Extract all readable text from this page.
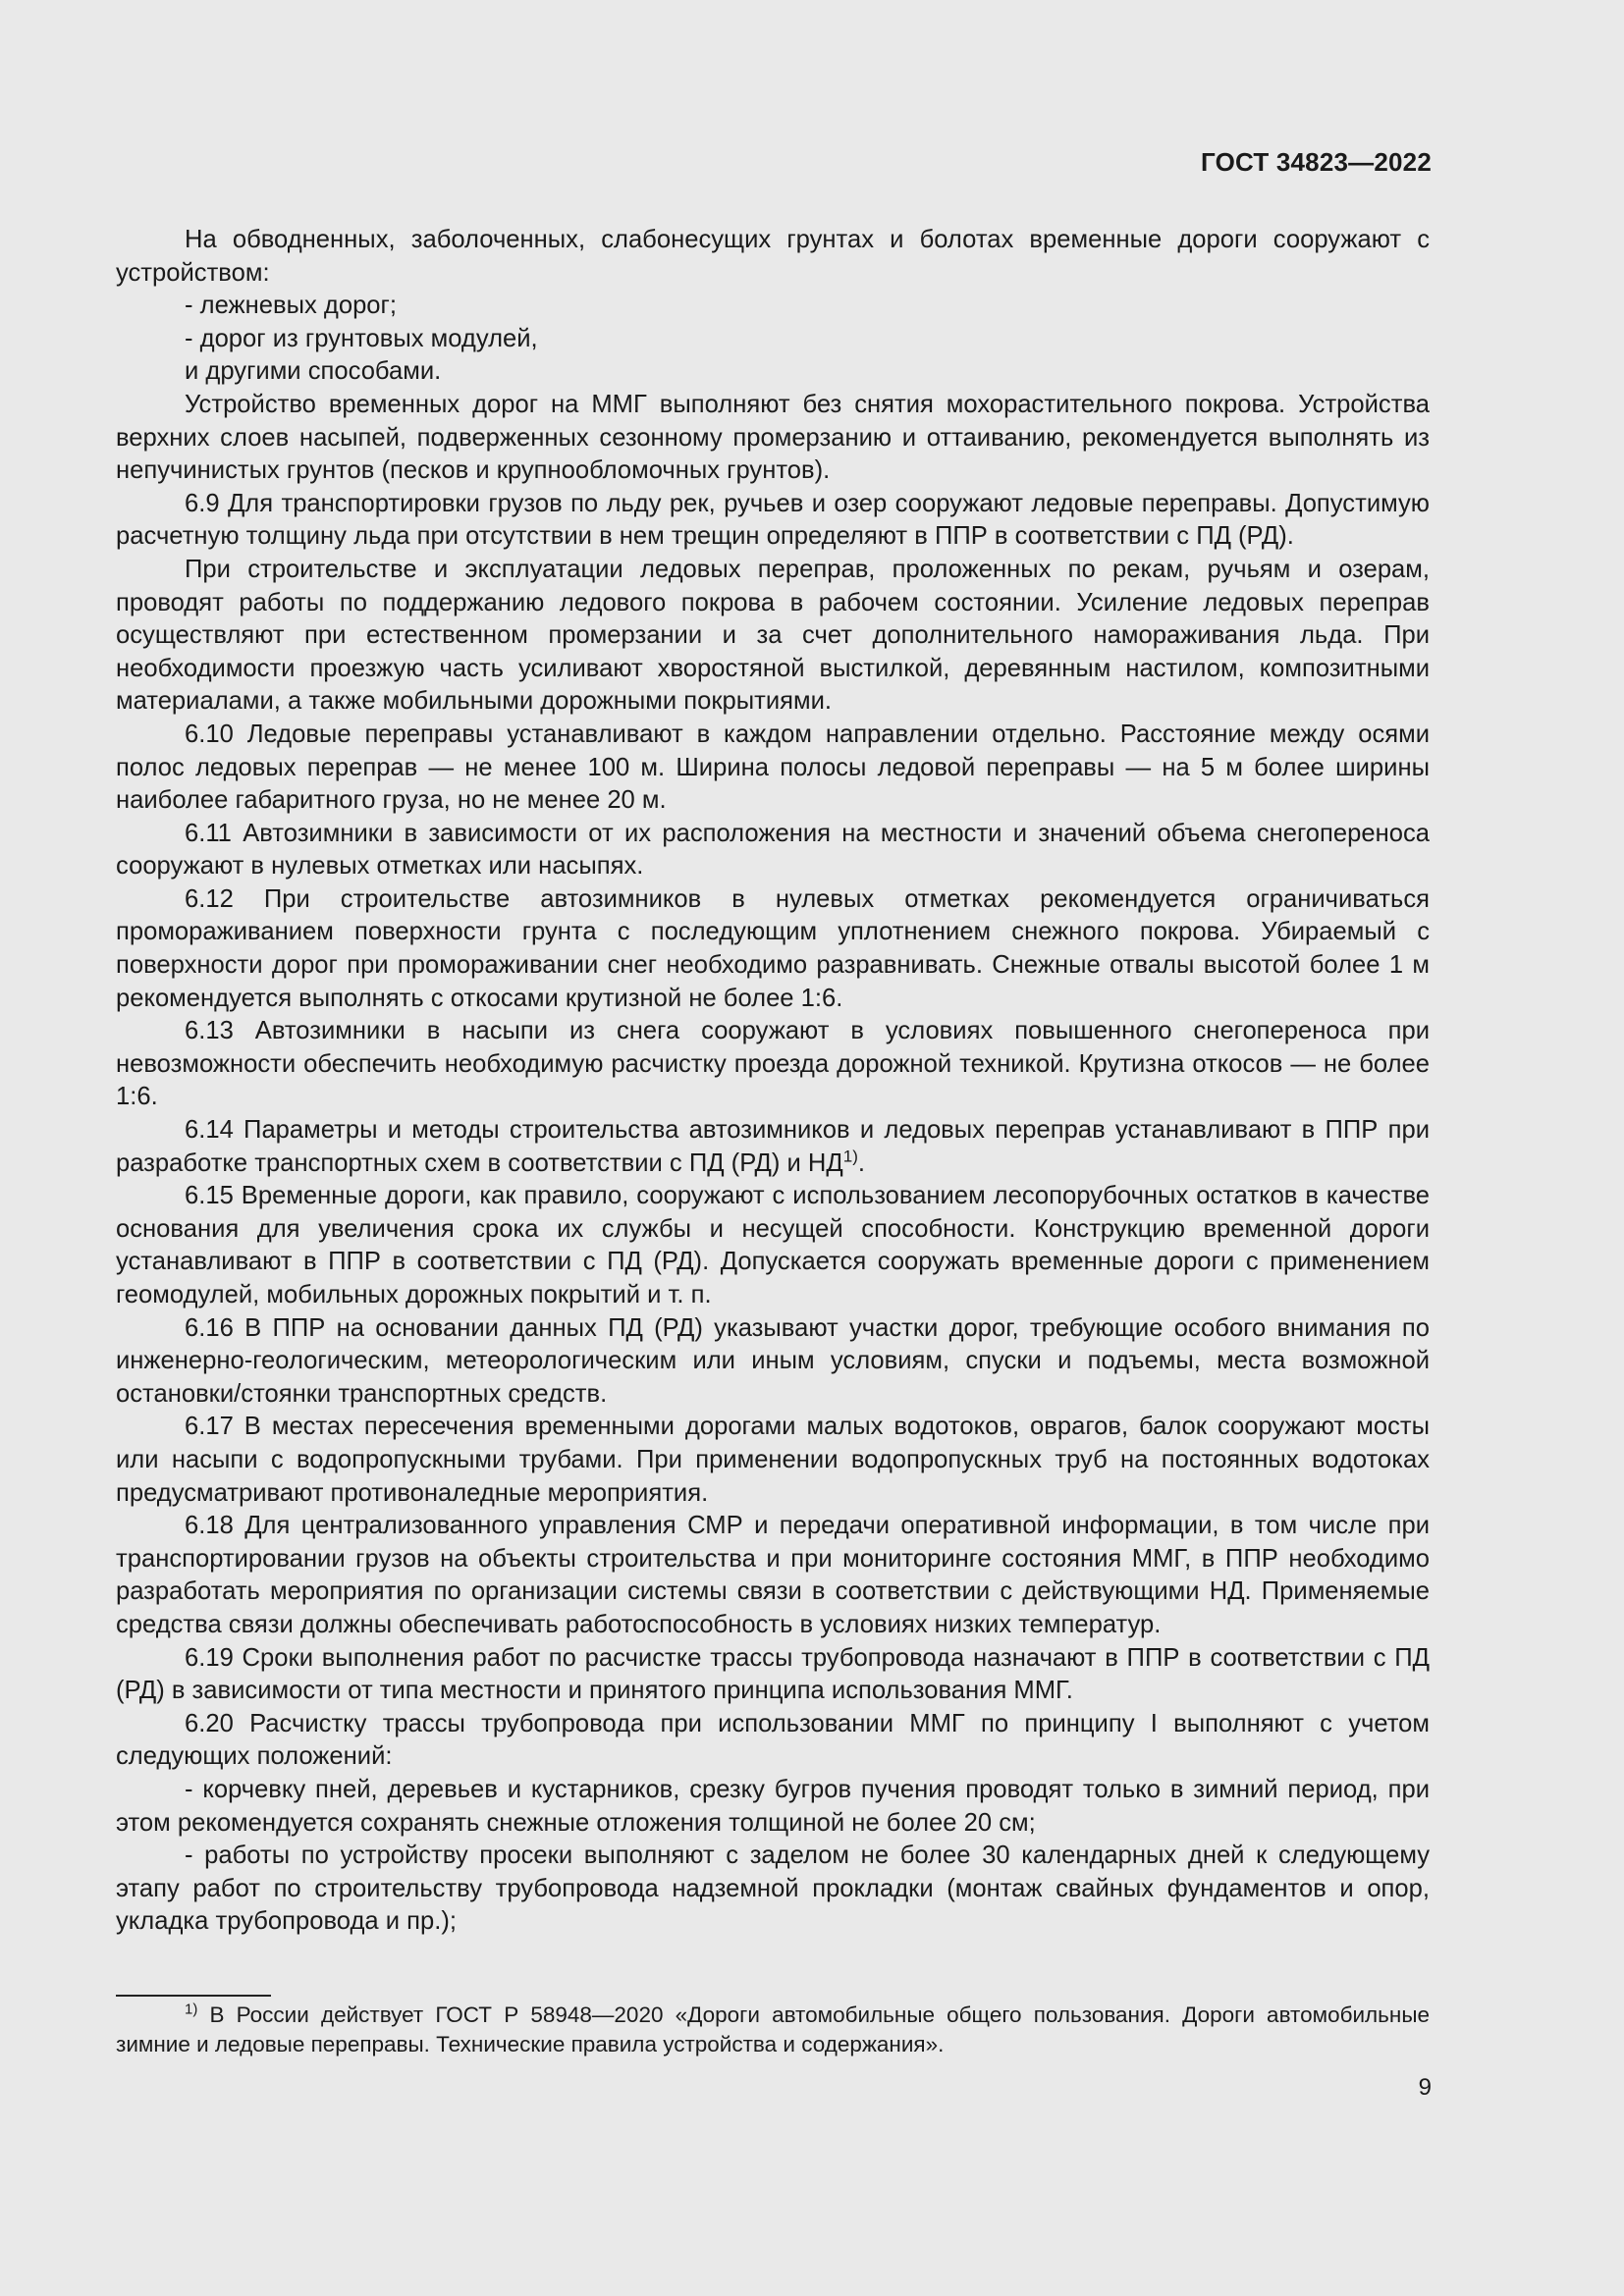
ГОСТ 34823—2022

На обводненных, заболоченных, слабонесущих грунтах и болотах временные дороги сооружают с устройством:

- лежневых дорог;

- дорог из грунтовых модулей,

и другими способами.

Устройство временных дорог на ММГ выполняют без снятия мохорастительного покрова. Устройства верхних слоев насыпей, подверженных сезонному промерзанию и оттаиванию, рекомендуется выполнять из непучинистых грунтов (песков и крупнообломочных грунтов).

6.9 Для транспортировки грузов по льду рек, ручьев и озер сооружают ледовые переправы. Допустимую расчетную толщину льда при отсутствии в нем трещин определяют в ППР в соответствии с ПД (РД).

При строительстве и эксплуатации ледовых переправ, проложенных по рекам, ручьям и озерам, проводят работы по поддержанию ледового покрова в рабочем состоянии. Усиление ледовых переправ осуществляют при естественном промерзании и за счет дополнительного намораживания льда. При необходимости проезжую часть усиливают хворостяной выстилкой, деревянным настилом, композитными материалами, а также мобильными дорожными покрытиями.

6.10 Ледовые переправы устанавливают в каждом направлении отдельно. Расстояние между осями полос ледовых переправ — не менее 100 м. Ширина полосы ледовой переправы — на 5 м более ширины наиболее габаритного груза, но не менее 20 м.

6.11 Автозимники в зависимости от их расположения на местности и значений объема снегопереноса сооружают в нулевых отметках или насыпях.

6.12 При строительстве автозимников в нулевых отметках рекомендуется ограничиваться промораживанием поверхности грунта с последующим уплотнением снежного покрова. Убираемый с поверхности дорог при промораживании снег необходимо разравнивать. Снежные отвалы высотой более 1 м рекомендуется выполнять с откосами крутизной не более 1:6.

6.13 Автозимники в насыпи из снега сооружают в условиях повышенного снегопереноса при невозможности обеспечить необходимую расчистку проезда дорожной техникой. Крутизна откосов — не более 1:6.

6.14 Параметры и методы строительства автозимников и ледовых переправ устанавливают в ППР при разработке транспортных схем в соответствии с ПД (РД) и НД$^{1)}$.

6.15 Временные дороги, как правило, сооружают с использованием лесопорубочных остатков в качестве основания для увеличения срока их службы и несущей способности. Конструкцию временной дороги устанавливают в ППР в соответствии с ПД (РД). Допускается сооружать временные дороги с применением геомодулей, мобильных дорожных покрытий и т. п.

6.16 В ППР на основании данных ПД (РД) указывают участки дорог, требующие особого внимания по инженерно-геологическим, метеорологическим или иным условиям, спуски и подъемы, места возможной остановки/стоянки транспортных средств.

6.17 В местах пересечения временными дорогами малых водотоков, оврагов, балок сооружают мосты или насыпи с водопропускными трубами. При применении водопропускных труб на постоянных водотоках предусматривают противоналедные мероприятия.

6.18 Для централизованного управления СМР и передачи оперативной информации, в том числе при транспортировании грузов на объекты строительства и при мониторинге состояния ММГ, в ППР необходимо разработать мероприятия по организации системы связи в соответствии с действующими НД. Применяемые средства связи должны обеспечивать работоспособность в условиях низких температур.

6.19 Сроки выполнения работ по расчистке трассы трубопровода назначают в ППР в соответствии с ПД (РД) в зависимости от типа местности и принятого принципа использования ММГ.

6.20 Расчистку трассы трубопровода при использовании ММГ по принципу I выполняют с учетом следующих положений:

- корчевку пней, деревьев и кустарников, срезку бугров пучения проводят только в зимний период, при этом рекомендуется сохранять снежные отложения толщиной не более 20 см;

- работы по устройству просеки выполняют с заделом не более 30 календарных дней к следующему этапу работ по строительству трубопровода надземной прокладки (монтаж свайных фундаментов и опор, укладка трубопровода и пр.);

$^{1)}$ В России действует ГОСТ Р 58948—2020 «Дороги автомобильные общего пользования. Дороги автомобильные зимние и ледовые переправы. Технические правила устройства и содержания».

9
